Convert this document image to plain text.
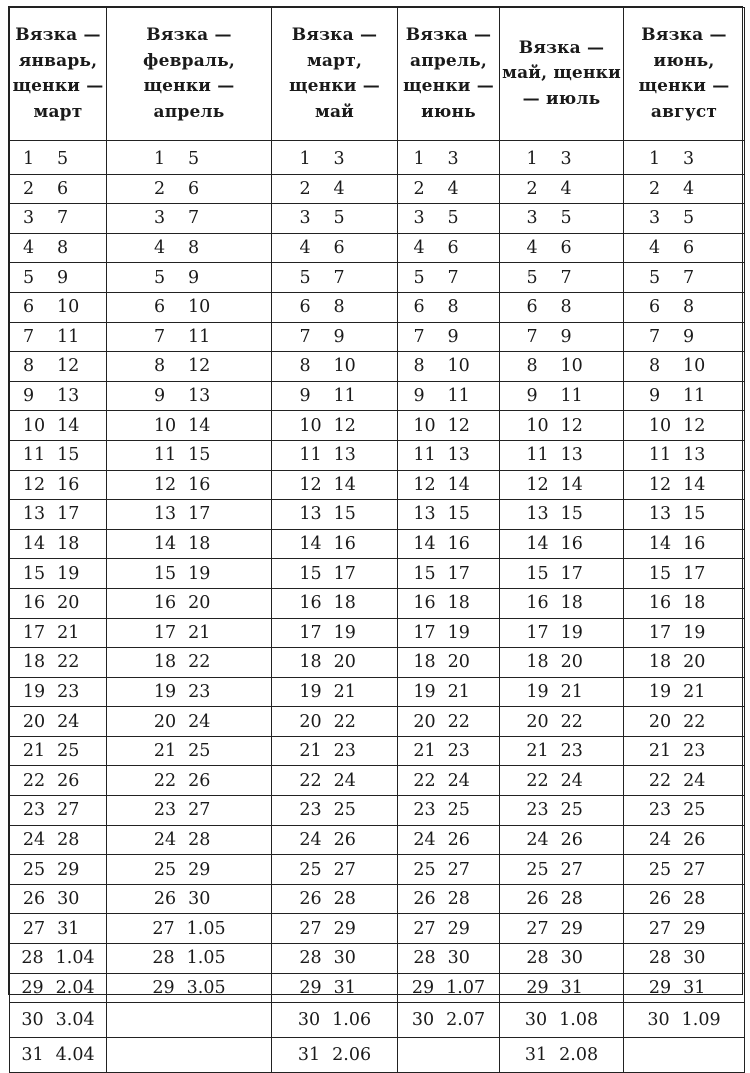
Вязка — январь, щенки — март	Вязка — февраль, щенки — апрель	Вязка — март, щенки — май	Вязка — апрель, щенки — июнь	Вязка — май, щенки — июль	Вязка — июнь, щенки — август

1 5	1 5	1 3	1 3	1 3	1 3

2 6	2 6	2 4	2 4	2 4	2 4

3 7	3 7	3 5	3 5	3 5	3 5

4 8	4 8	4 6	4 6	4 6	4 6

5 9	5 9	5 7	5 7	5 7	5 7

6 10	6 10	6 8	6 8	6 8	6 8

7 11	7 11	7 9	7 9	7 9	7 9

8 12	8 12	8 10	8 10	8 10	8 10

9 13	9 13	9 11	9 11	9 11	9 11

10 14	10 14	10 12	10 12	10 12	10 12

11 15	11 15	11 13	11 13	11 13	11 13

12 16	12 16	12 14	12 14	12 14	12 14

13 17	13 17	13 15	13 15	13 15	13 15

14 18	14 18	14 16	14 16	14 16	14 16

15 19	15 19	15 17	15 17	15 17	15 17

16 20	16 20	16 18	16 18	16 18	16 18

17 21	17 21	17 19	17 19	17 19	17 19

18 22	18 22	18 20	18 20	18 20	18 20

19 23	19 23	19 21	19 21	19 21	19 21

20 24	20 24	20 22	20 22	20 22	20 22

21 25	21 25	21 23	21 23	21 23	21 23

22 26	22 26	22 24	22 24	22 24	22 24

23 27	23 27	23 25	23 25	23 25	23 25

24 28	24 28	24 26	24 26	24 26	24 26

25 29	25 29	25 27	25 27	25 27	25 27

26 30	26 30	26 28	26 28	26 28	26 28

27 31	27 1.05	27 29	27 29	27 29	27 29

28 1.04	28 1.05	28 30	28 30	28 30	28 30

29 2.04	29 3.05	29 31	29 1.07	29 31	29 31

30 3.04		30 1.06	30 2.07	30 1.08	30 1.09

31 4.04		31 2.06		31 2.08	
